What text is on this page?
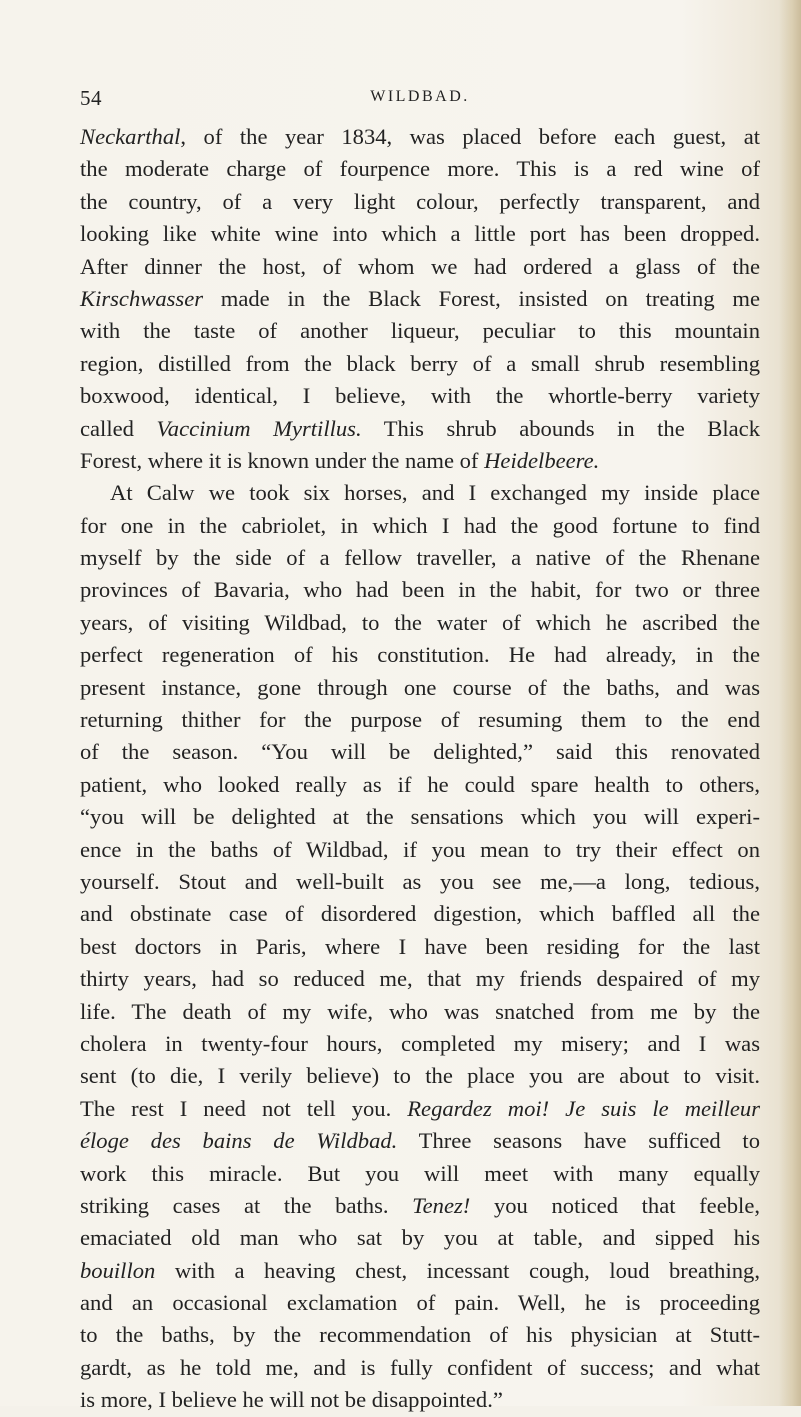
54	WILDBAD.
Neckarthal, of the year 1834, was placed before each guest, at
the moderate charge of fourpence more. This is a red wine of
the country, of a very light colour, perfectly transparent, and
looking like white wine into which a little port has been dropped.
After dinner the host, of whom we had ordered a glass of the
Kirschwasser made in the Black Forest, insisted on treating me
with the taste of another liqueur, peculiar to this mountain
region, distilled from the black berry of a small shrub resembling
boxwood, identical, I believe, with the whortle-berry variety
called Vaccinium Myrtillus. This shrub abounds in the Black
Forest, where it is known under the name of Heidelbeere.
At Calw we took six horses, and I exchanged my inside place
for one in the cabriolet, in which I had the good fortune to find
myself by the side of a fellow traveller, a native of the Rhenane
provinces of Bavaria, who had been in the habit, for two or three
years, of visiting Wildbad, to the water of which he ascribed the
perfect regeneration of his constitution. He had already, in the
present instance, gone through one course of the baths, and was
returning thither for the purpose of resuming them to the end
of the season. “You will be delighted,” said this renovated
patient, who looked really as if he could spare health to others,
“you will be delighted at the sensations which you will experi-
ence in the baths of Wildbad, if you mean to try their effect on
yourself. Stout and well-built as you see me,—a long, tedious,
and obstinate case of disordered digestion, which baffled all the
best doctors in Paris, where I have been residing for the last
thirty years, had so reduced me, that my friends despaired of my
life. The death of my wife, who was snatched from me by the
cholera in twenty-four hours, completed my misery; and I was
sent (to die, I verily believe) to the place you are about to visit.
The rest I need not tell you. Regardez moi! Je suis le meilleur
éloge des bains de Wildbad. Three seasons have sufficed to
work this miracle. But you will meet with many equally
striking cases at the baths. Tenez! you noticed that feeble,
emaciated old man who sat by you at table, and sipped his
bouillon with a heaving chest, incessant cough, loud breathing,
and an occasional exclamation of pain. Well, he is proceeding
to the baths, by the recommendation of his physician at Stutt-
gardt, as he told me, and is fully confident of success; and what
is more, I believe he will not be disappointed.”
